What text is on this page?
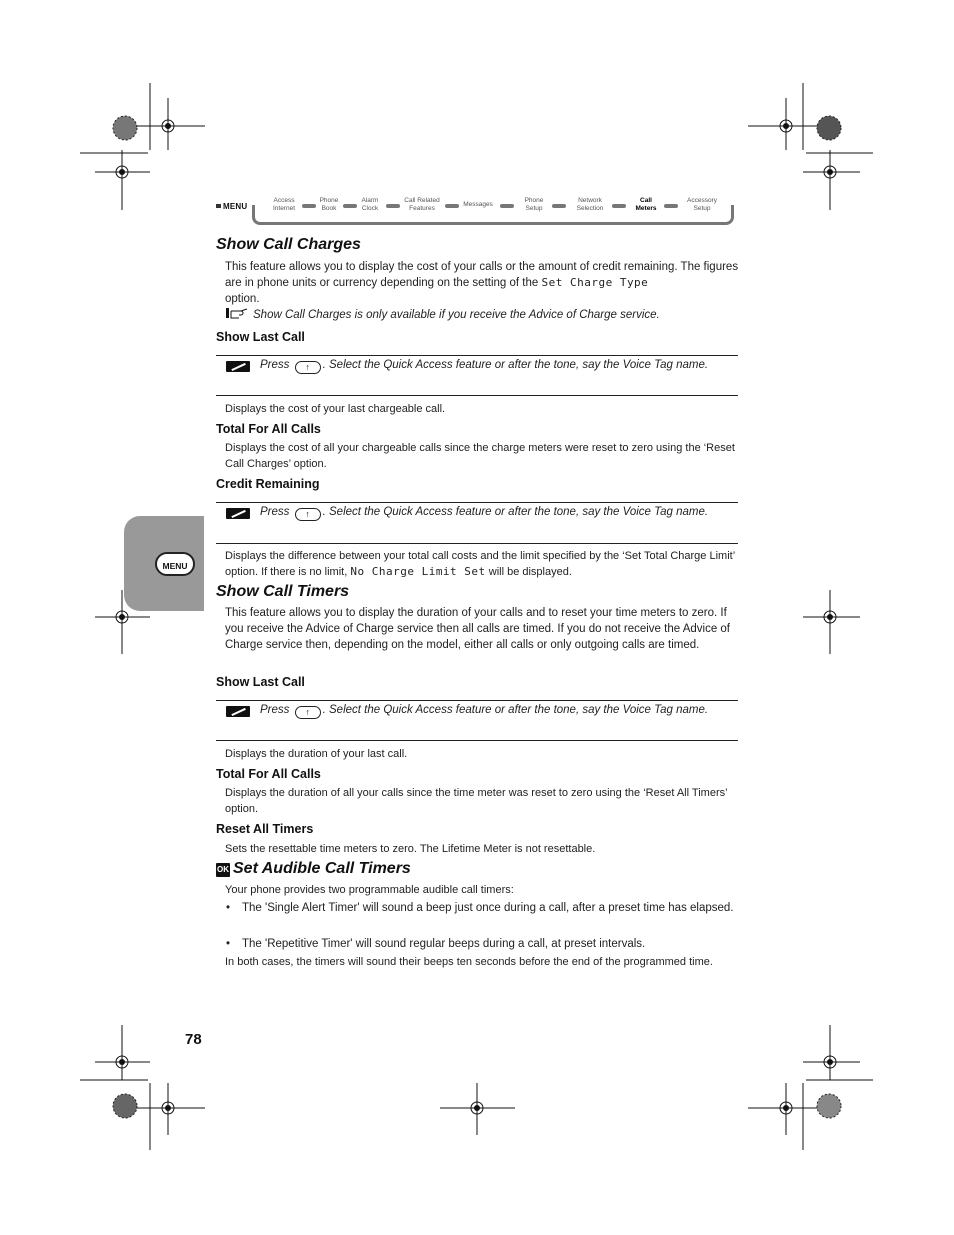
MENU
Access
Internet
Phone
Book
Alarm
Clock
Call Related
Features
Messages
Phone
Setup
Network
Selection
Call
Meters
Accessory
Setup
MENU
Show Call Charges
This feature allows you to display the cost of your calls or the amount of credit remaining. The figures are in phone units or currency depending on the setting of the Set Charge Type
option.
Show Call Charges is only available if you receive the Advice of Charge service.
Show Last Call
Press ↑ . Select the Quick Access feature or after the tone, say the Voice Tag name.
Displays the cost of your last chargeable call.
Total For All Calls
Displays the cost of all your chargeable calls since the charge meters were reset to zero using the ‘Reset Call Charges’ option.
Credit Remaining
Press ↑ . Select the Quick Access feature or after the tone, say the Voice Tag name.
Displays the difference between your total call costs and the limit specified by the ‘Set Total Charge Limit’ option. If there is no limit, No Charge Limit Set will be displayed.
Show Call Timers
This feature allows you to display the duration of your calls and to reset your time meters to zero. If you receive the Advice of Charge service then all calls are timed. If you do not receive the Advice of Charge service then, depending on the model, either all calls or only outgoing calls are timed.
Show Last Call
Press ↑ . Select the Quick Access feature or after the tone, say the Voice Tag name.
Displays the duration of your last call.
Total For All Calls
Displays the duration of all your calls since the time meter was reset to zero using the ‘Reset All Timers’ option.
Reset All Timers
Sets the resettable time meters to zero. The Lifetime Meter is not resettable.
OK Set Audible Call Timers
Your phone provides two programmable audible call timers:
• The 'Single Alert Timer' will sound a beep just once during a call, after a preset time has elapsed.
• The 'Repetitive Timer' will sound regular beeps during a call, at preset intervals.
In both cases, the timers will sound their beeps ten seconds before the end of the programmed time.
78
